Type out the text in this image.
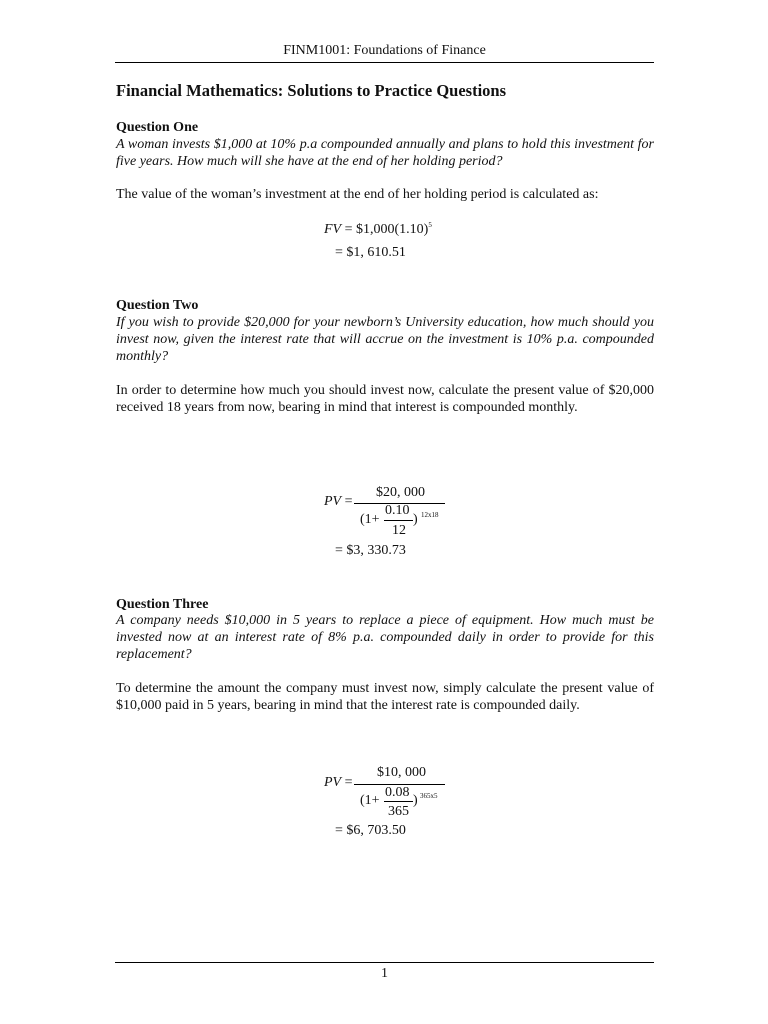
FINM1001: Foundations of Finance
Financial Mathematics: Solutions to Practice Questions
Question One

A woman invests $1,000 at 10% p.a compounded annually and plans to hold this investment for five years. How much will she have at the end of her holding period?

The value of the woman’s investment at the end of her holding period is calculated as:

FV = $\$1,000(1.10)^5$
= $1, 610.51
Question Two

If you wish to provide $20,000 for your newborn’s University education, how much should you invest now, given the interest rate that will accrue on the investment is 10% p.a. compounded monthly?

In order to determine how much you should invest now, calculate the present value of $20,000 received 18 years from now, bearing in mind that interest is compounded monthly.

PV =
$20, 000
0.10
(1+ ) 12x18
12
= $3, 330.73
Question Three

A company needs $10,000 in 5 years to replace a piece of equipment. How much must be invested now at an interest rate of 8% p.a. compounded daily in order to provide for this replacement?

To determine the amount the company must invest now, simply calculate the present value of $10,000 paid in 5 years, bearing in mind that the interest rate is compounded daily.

PV =
$10, 000
0.08
(1+ ) 365x5
365
= $6, 703.50
1
